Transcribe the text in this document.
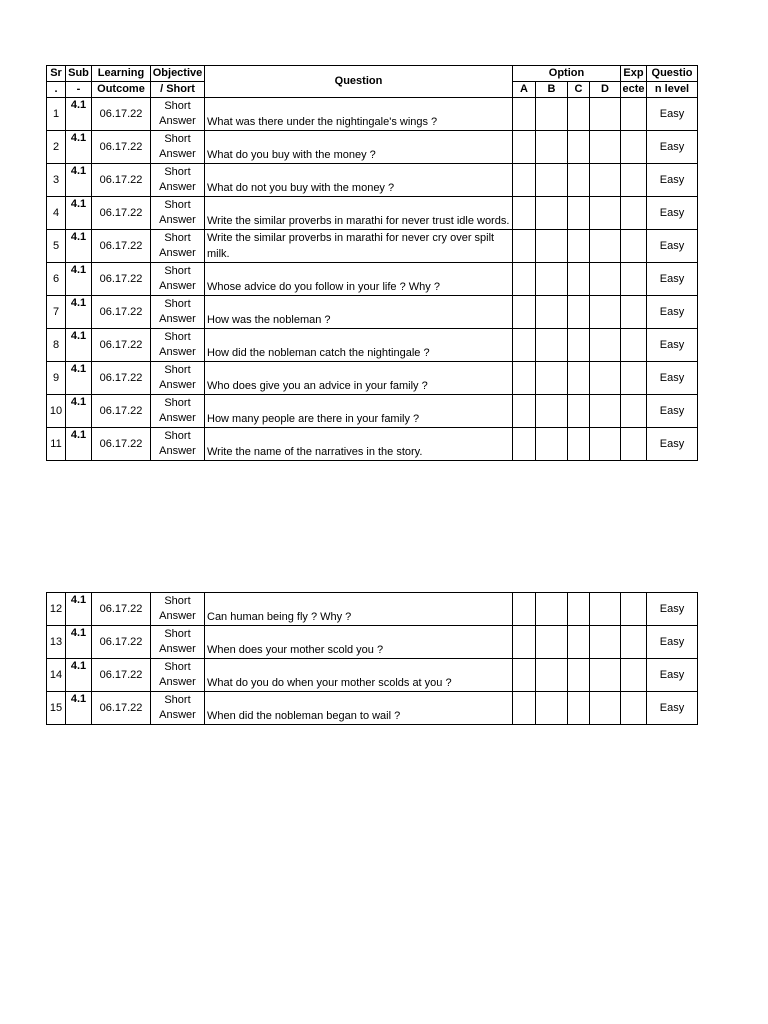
Sr	Sub	Learning	Objective	Question	Option				Exp	Questio
.	-	Outcome	/ Short		A	B	C	D	ecte	n level
1	4.1	06.17.22	Short
Answer	What was there under the nightingale's wings ?						Easy
2	4.1	06.17.22	Short
Answer	What do you buy with the money ?						Easy
3	4.1	06.17.22	Short
Answer	What do not you buy with the money ?						Easy
4	4.1	06.17.22	Short
Answer	Write the similar proverbs in marathi for never trust idle words.						Easy
5	4.1	06.17.22	Short
Answer	Write the similar proverbs in marathi for never cry over spilt milk.						Easy
6	4.1	06.17.22	Short
Answer	Whose advice do you follow in your life ? Why ?						Easy
7	4.1	06.17.22	Short
Answer	How was the nobleman ?						Easy
8	4.1	06.17.22	Short
Answer	How did the nobleman catch the nightingale ?						Easy
9	4.1	06.17.22	Short
Answer	Who does give you an advice in your family ?						Easy
10	4.1	06.17.22	Short
Answer	How many people are there in your family ?						Easy
11	4.1	06.17.22	Short
Answer	Write the name of the narratives in the story.						Easy
12	4.1	06.17.22	Short
Answer	Can human being fly ? Why ?						Easy
13	4.1	06.17.22	Short
Answer	When does your mother scold you ?						Easy
14	4.1	06.17.22	Short
Answer	What do you do when your mother scolds at you ?						Easy
15	4.1	06.17.22	Short
Answer	When did the nobleman began to wail ?						Easy
